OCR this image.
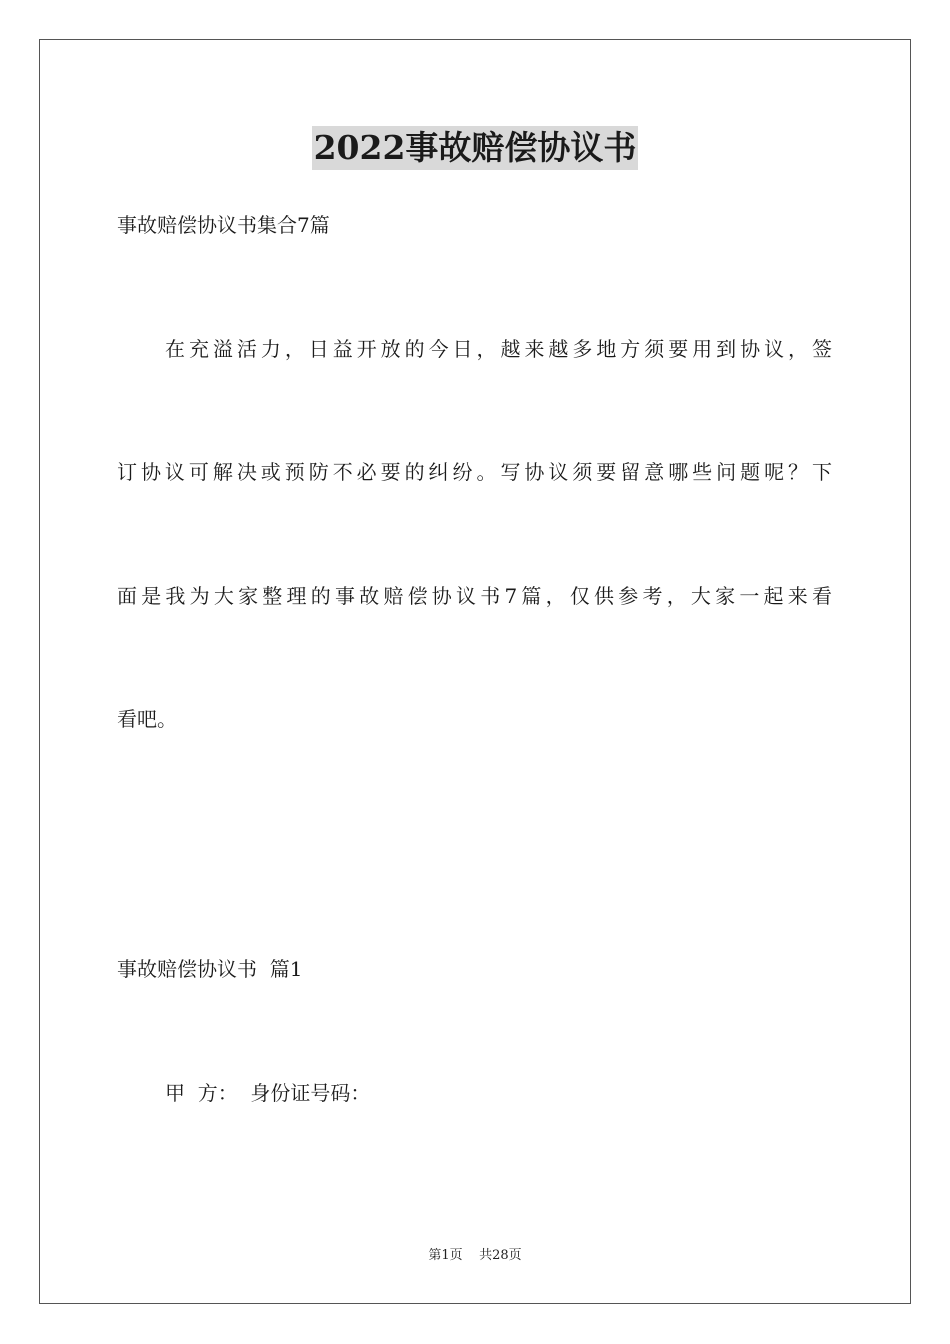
2022事故赔偿协议书
事故赔偿协议书集合7篇
在充溢活力，日益开放的今日，越来越多地方须要用到协议，签
订协议可解决或预防不必要的纠纷。写协议须要留意哪些问题呢？下
面是我为大家整理的事故赔偿协议书7篇，仅供参考，大家一起来看
看吧。
事故赔偿协议书  篇1
甲  方：  身份证号码：
第1页    共28页
